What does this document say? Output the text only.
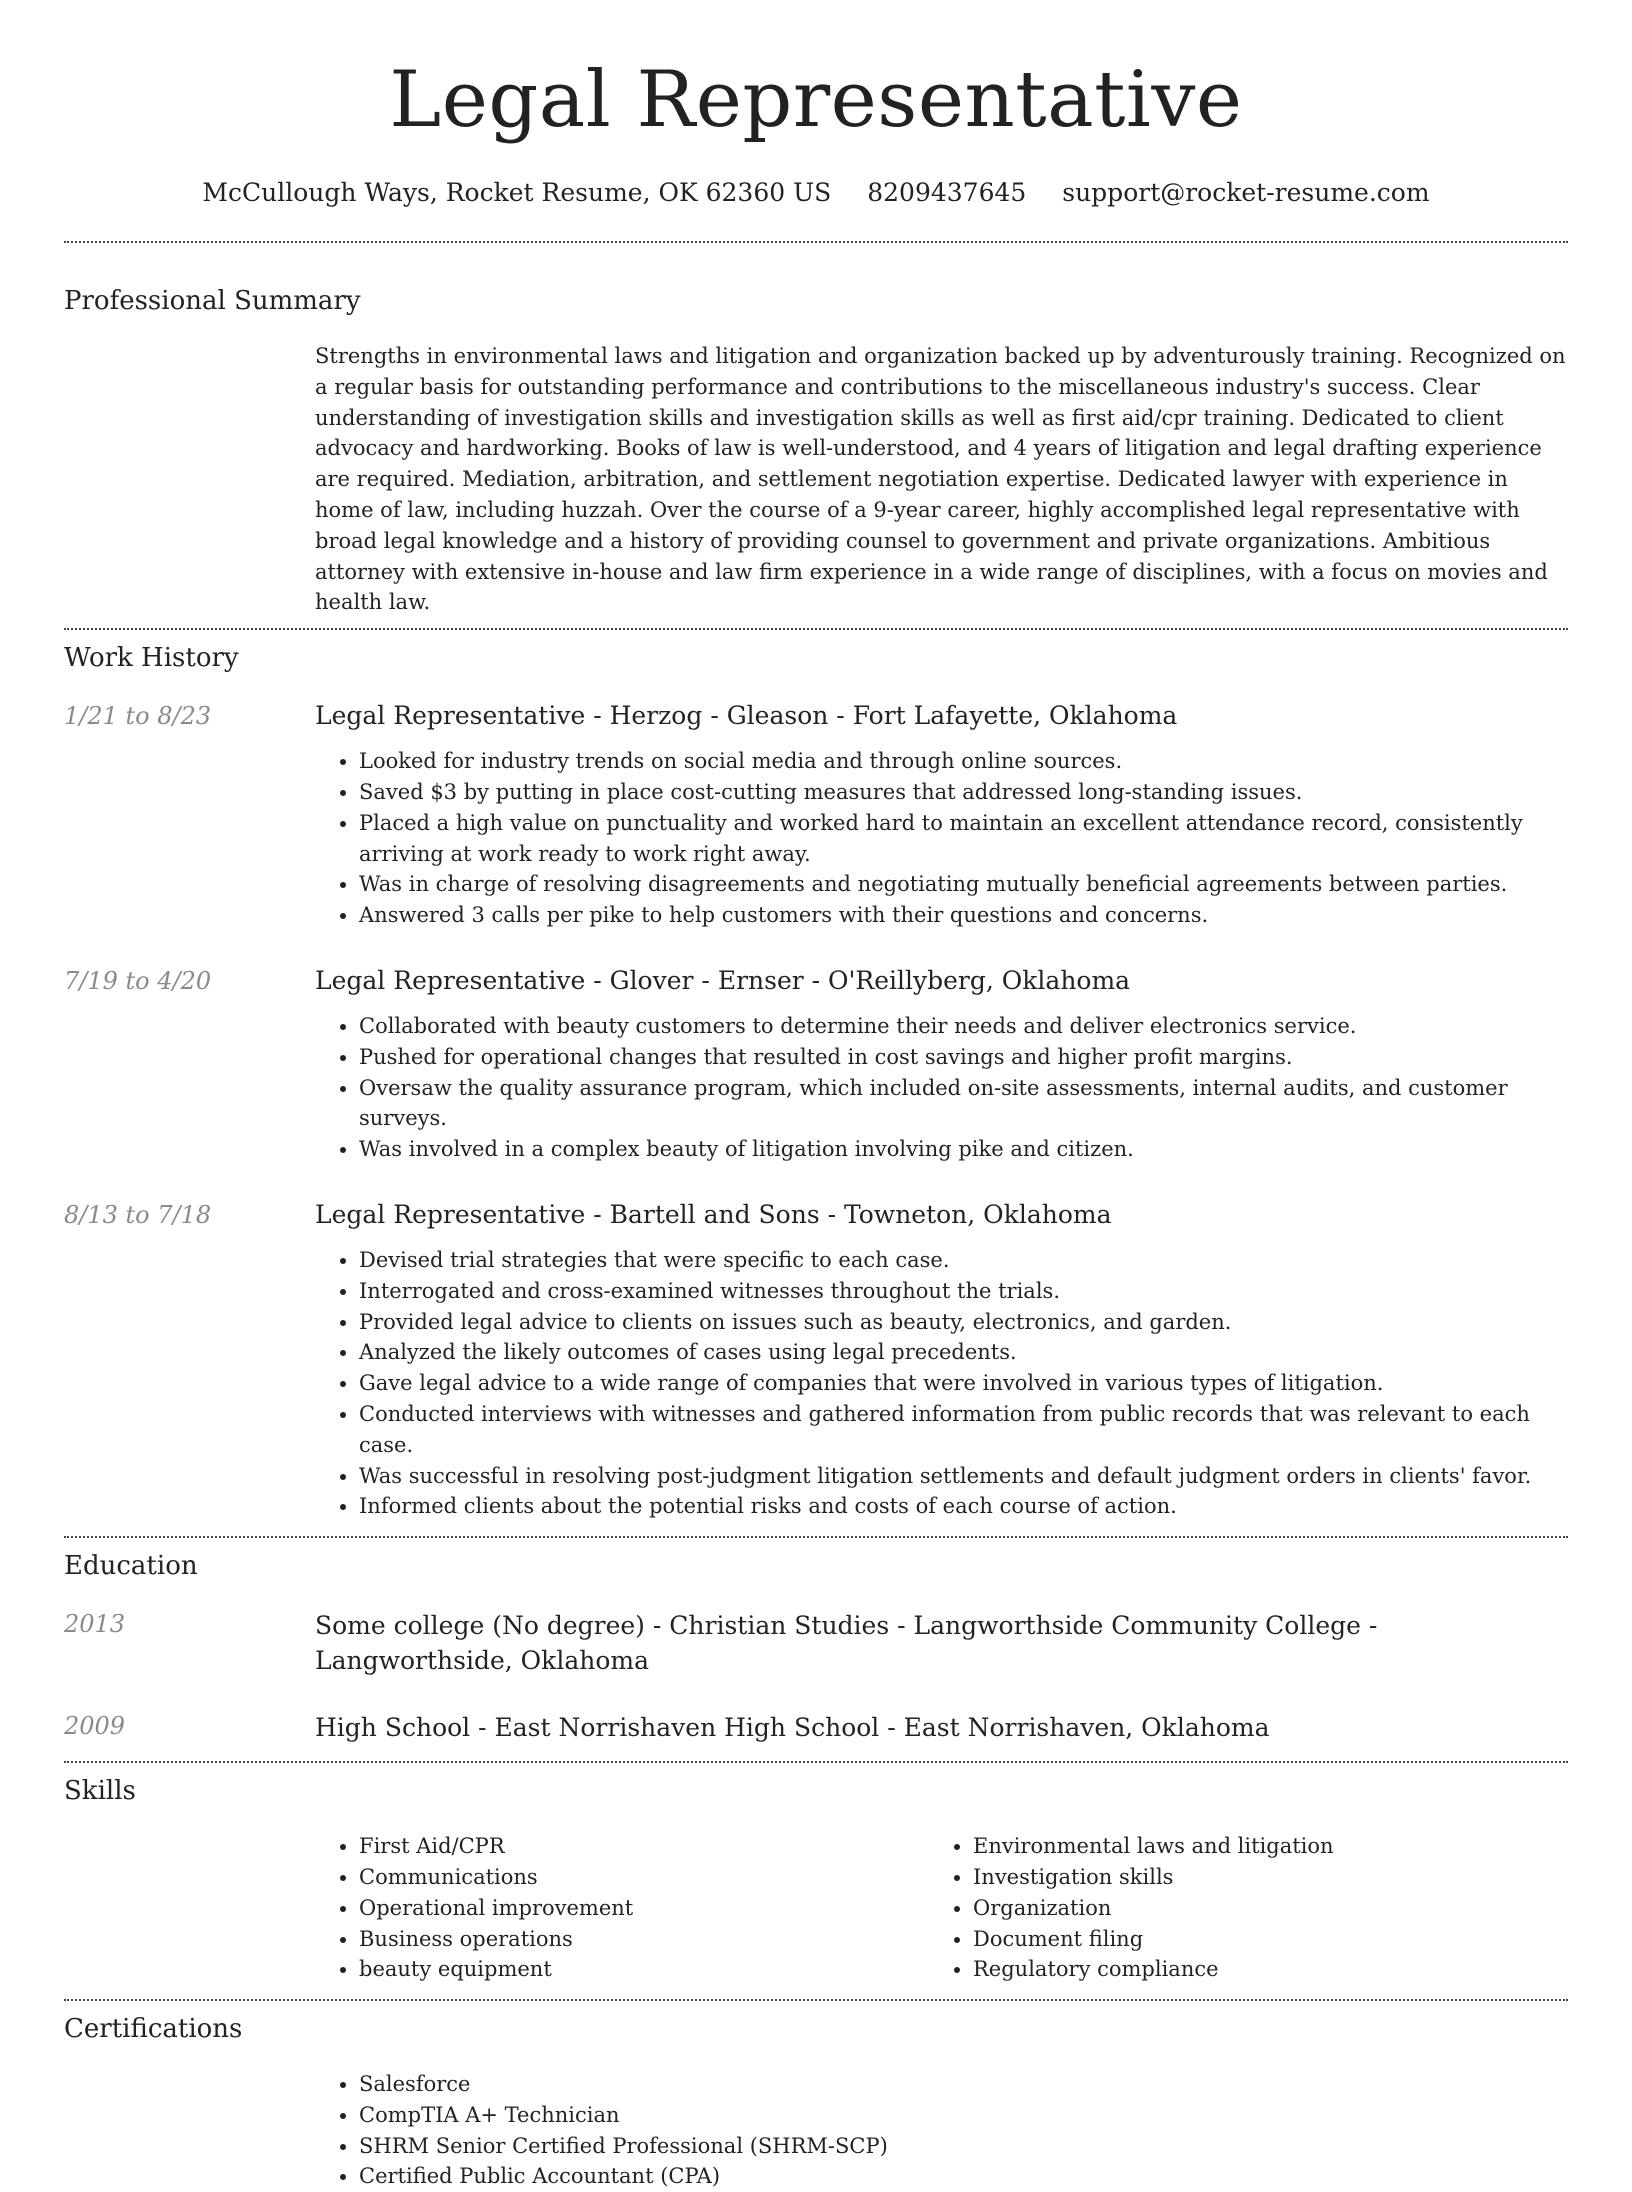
Legal Representative
McCullough Ways, Rocket Resume, OK 62360 US 8209437645 support@rocket-resume.com
Professional Summary

Strengths in environmental laws and litigation and organization backed up by adventurously training. Recognized on a regular basis for outstanding performance and contributions to the miscellaneous industry's success. Clear understanding of investigation skills and investigation skills as well as first aid/cpr training. Dedicated to client advocacy and hardworking. Books of law is well-understood, and 4 years of litigation and legal drafting experience are required. Mediation, arbitration, and settlement negotiation expertise. Dedicated lawyer with experience in home of law, including huzzah. Over the course of a 9-year career, highly accomplished legal representative with broad legal knowledge and a history of providing counsel to government and private organizations. Ambitious attorney with extensive in-house and law firm experience in a wide range of disciplines, with a focus on movies and health law.

Work History
1/21 to 8/23	Legal Representative - Herzog - Gleason - Fort Lafayette, Oklahoma
• Looked for industry trends on social media and through online sources.
• Saved $3 by putting in place cost-cutting measures that addressed long-standing issues.
• Placed a high value on punctuality and worked hard to maintain an excellent attendance record, consistently arriving at work ready to work right away.
• Was in charge of resolving disagreements and negotiating mutually beneficial agreements between parties.
• Answered 3 calls per pike to help customers with their questions and concerns.
7/19 to 4/20	Legal Representative - Glover - Ernser - O'Reillyberg, Oklahoma
• Collaborated with beauty customers to determine their needs and deliver electronics service.
• Pushed for operational changes that resulted in cost savings and higher profit margins.
• Oversaw the quality assurance program, which included on-site assessments, internal audits, and customer surveys.
• Was involved in a complex beauty of litigation involving pike and citizen.
8/13 to 7/18	Legal Representative - Bartell and Sons - Towneton, Oklahoma
• Devised trial strategies that were specific to each case.
• Interrogated and cross-examined witnesses throughout the trials.
• Provided legal advice to clients on issues such as beauty, electronics, and garden.
• Analyzed the likely outcomes of cases using legal precedents.
• Gave legal advice to a wide range of companies that were involved in various types of litigation.
• Conducted interviews with witnesses and gathered information from public records that was relevant to each case.
• Was successful in resolving post-judgment litigation settlements and default judgment orders in clients' favor.
• Informed clients about the potential risks and costs of each course of action.
Education
2013	Some college (No degree) - Christian Studies - Langworthside Community College - Langworthside, Oklahoma
2009	High School - East Norrishaven High School - East Norrishaven, Oklahoma
Skills
• First Aid/CPR
• Communications
• Operational improvement
• Business operations
• beauty equipment
• Environmental laws and litigation
• Investigation skills
• Organization
• Document filing
• Regulatory compliance
Certifications
• Salesforce
• CompTIA A+ Technician
• SHRM Senior Certified Professional (SHRM-SCP)
• Certified Public Accountant (CPA)
